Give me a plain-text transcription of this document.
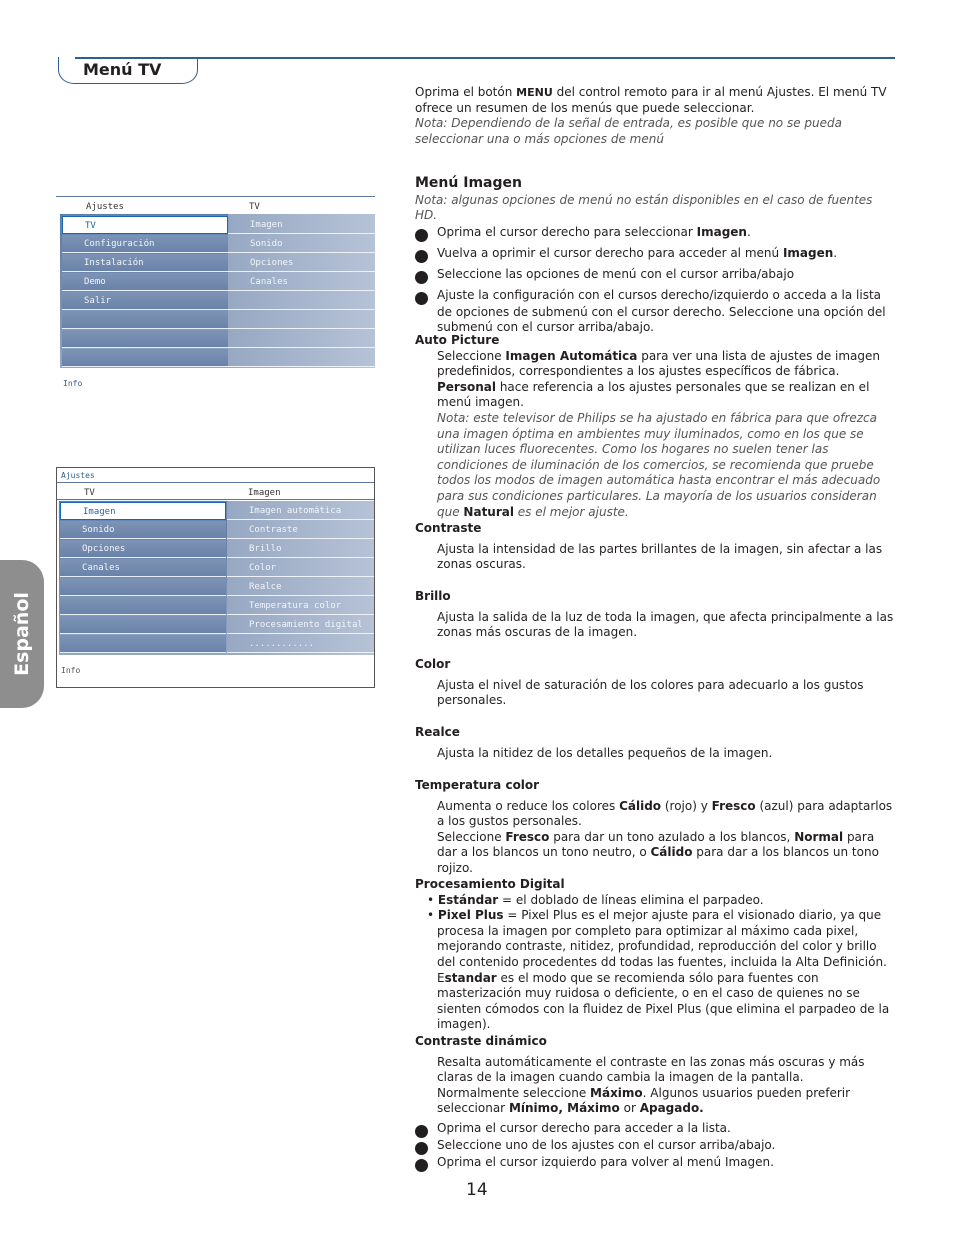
Menú TV
Español
Ajustes	TV
TV
Configuración
Instalación
Demo
Salir
Imagen
Sonido
Opciones
Canales
Info
Ajustes
TV	Imagen
Imagen
Sonido
Opciones
Canales
Imagen automática
Contraste
Brillo
Color
Realce
Temperatura color
Procesamiento digital
............
Info

Oprima el botón MENU del control remoto para ir al menú Ajustes. El menú TV ofrece un resumen de los menús que puede seleccionar.

Nota: Dependiendo de la señal de entrada, es posible que no se pueda seleccionar una o más opciones de menú

Menú Imagen

Nota: algunas opciones de menú no están disponibles en el caso de fuentes HD.

1 Oprima el cursor derecho para seleccionar Imagen.

2 Vuelva a oprimir el cursor derecho para acceder al menú Imagen.

3 Seleccione las opciones de menú con el cursor arriba/abajo

4 Ajuste la configuración con el cursos derecho/izquierdo o acceda a la lista de opciones de submenú con el cursor derecho. Seleccione una opción del submenú con el cursor arriba/abajo.

Auto Picture

Seleccione Imagen Automática para ver una lista de ajustes de imagen predefinidos, correspondientes a los ajustes específicos de fábrica.

Personal hace referencia a los ajustes personales que se realizan en el menú imagen.

Nota: este televisor de Philips se ha ajustado en fábrica para que ofrezca una imagen óptima en ambientes muy iluminados, como en los que se utilizan luces fluorecentes. Como los hogares no suelen tener las condiciones de iluminación de los comercios, se recomienda que pruebe todos los modos de imagen automática hasta encontrar el más adecuado para sus condiciones particulares. La mayoría de los usuarios consideran que Natural es el mejor ajuste.

Contraste

Ajusta la intensidad de las partes brillantes de la imagen, sin afectar a las zonas oscuras.

Brillo

Ajusta la salida de la luz de toda la imagen, que afecta principalmente a las zonas más oscuras de la imagen.

Color

Ajusta el nivel de saturación de los colores para adecuarlo a los gustos personales.

Realce

Ajusta la nitidez de los detalles pequeños de la imagen.

Temperatura color

Aumenta o reduce los colores Cálido (rojo) y Fresco (azul) para adaptarlos a los gustos personales.

Seleccione Fresco para dar un tono azulado a los blancos, Normal para dar a los blancos un tono neutro, o Cálido para dar a los blancos un tono rojizo.

Procesamiento Digital

• Estándar = el doblado de líneas elimina el parpadeo.

• Pixel Plus = Pixel Plus es el mejor ajuste para el visionado diario, ya que procesa la imagen por completo para optimizar al máximo cada pixel, mejorando contraste, nitidez, profundidad, reproducción del color y brillo del contenido procedentes dd todas las fuentes, incluida la Alta Definición. Estandar es el modo que se recomienda sólo para fuentes con masterización muy ruidosa o deficiente, o en el caso de quienes no se sienten cómodos con la fluidez de Pixel Plus (que elimina el parpadeo de la imagen).

Contraste dinámico

Resalta automáticamente el contraste en las zonas más oscuras y más claras de la imagen cuando cambia la imagen de la pantalla.

Normalmente seleccione Máximo. Algunos usuarios pueden preferir seleccionar Mínimo, Máximo or Apagado.

1 Oprima el cursor derecho para acceder a la lista.

2 Seleccione uno de los ajustes con el cursor arriba/abajo.

3 Oprima el cursor izquierdo para volver al menú Imagen.

14
